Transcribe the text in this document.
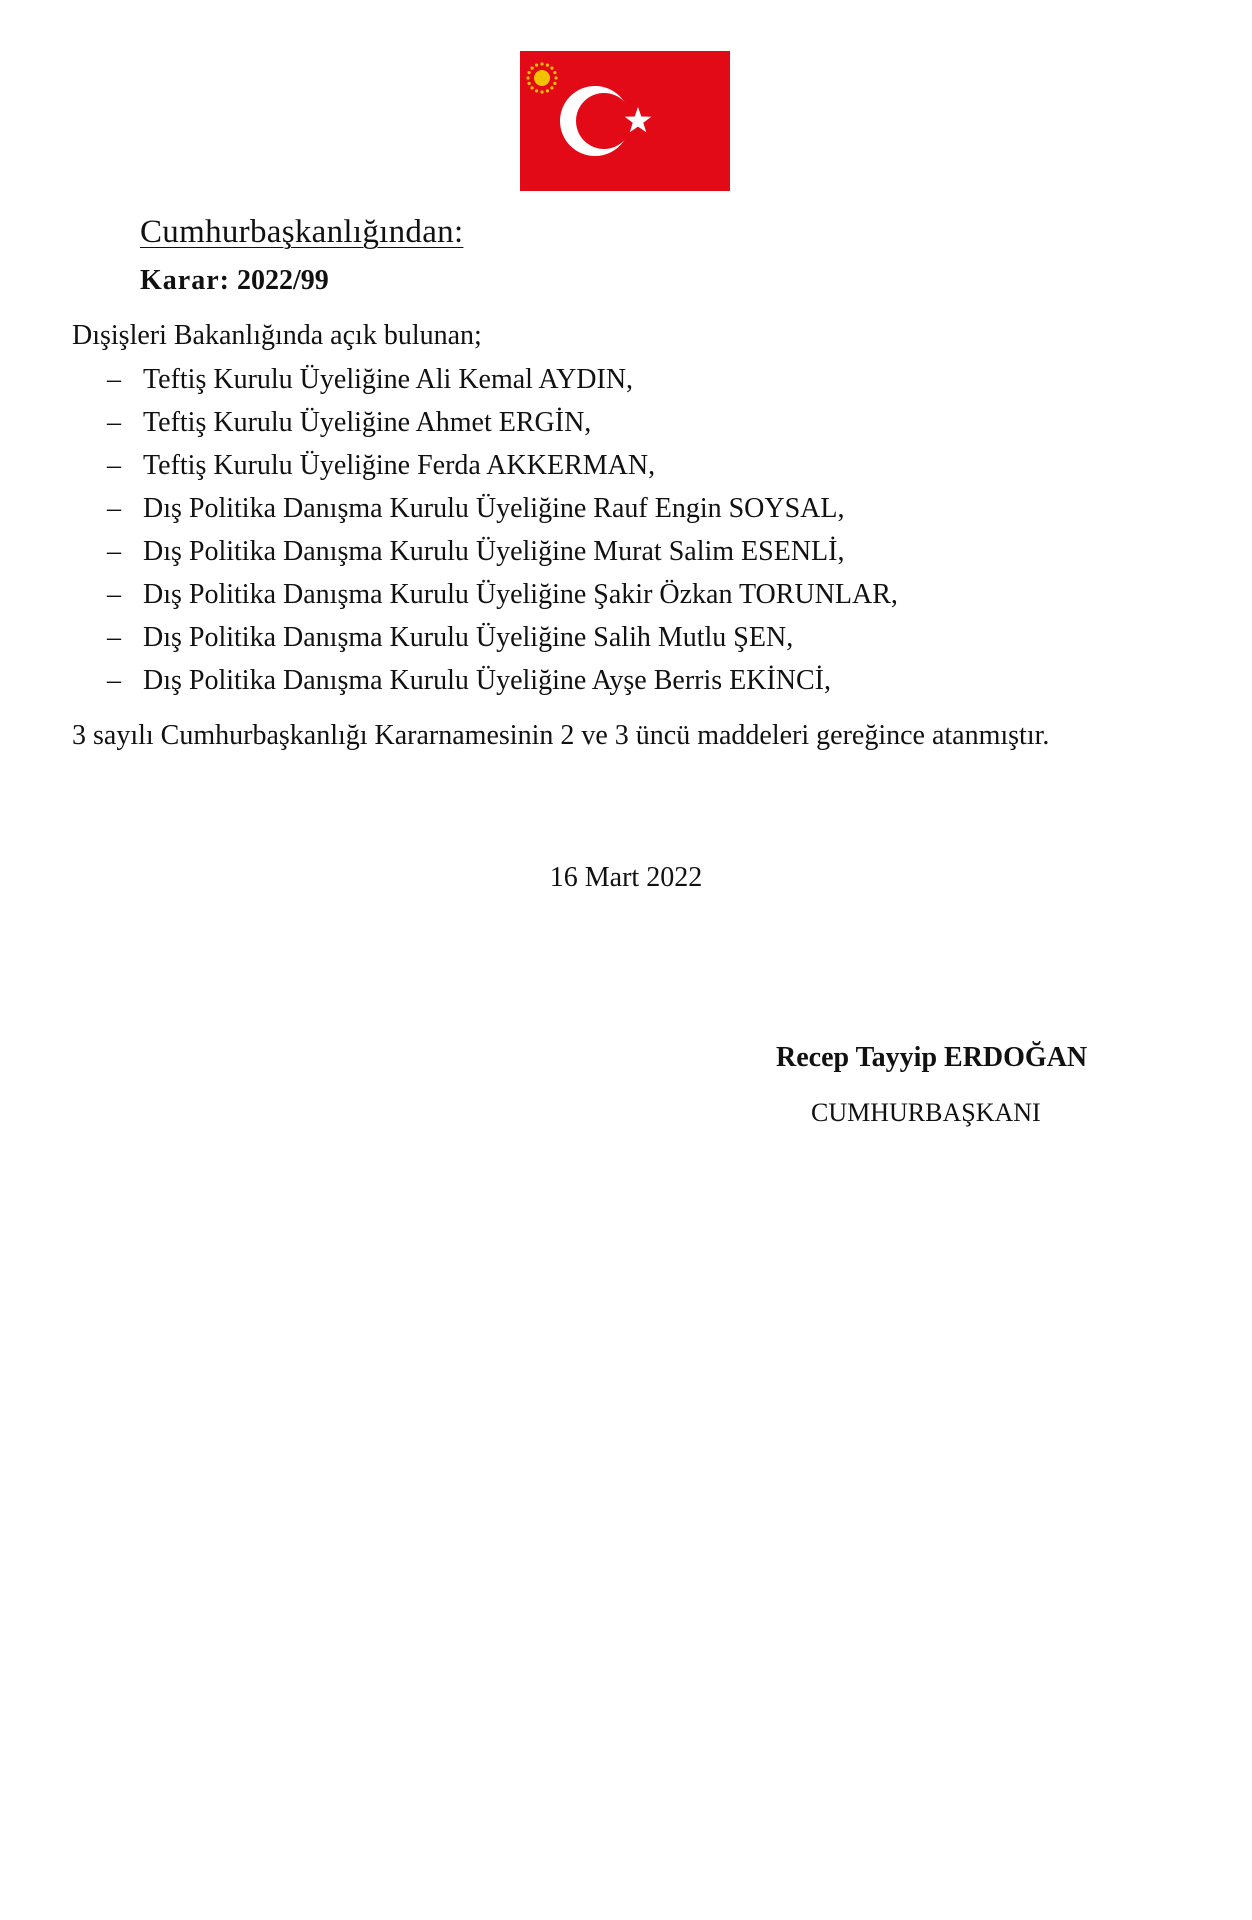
Cumhurbaşkanlığından:
Karar: 2022/99
Dışişleri Bakanlığında açık bulunan;
– Teftiş Kurulu Üyeliğine Ali Kemal AYDIN,
– Teftiş Kurulu Üyeliğine Ahmet ERGİN,
– Teftiş Kurulu Üyeliğine Ferda AKKERMAN,
– Dış Politika Danışma Kurulu Üyeliğine Rauf Engin SOYSAL,
– Dış Politika Danışma Kurulu Üyeliğine Murat Salim ESENLİ,
– Dış Politika Danışma Kurulu Üyeliğine Şakir Özkan TORUNLAR,
– Dış Politika Danışma Kurulu Üyeliğine Salih Mutlu ŞEN,
– Dış Politika Danışma Kurulu Üyeliğine Ayşe Berris EKİNCİ,
3 sayılı Cumhurbaşkanlığı Kararnamesinin 2 ve 3 üncü maddeleri gereğince atanmıştır.
16 Mart 2022
Recep Tayyip ERDOĞAN
CUMHURBAŞKANI
